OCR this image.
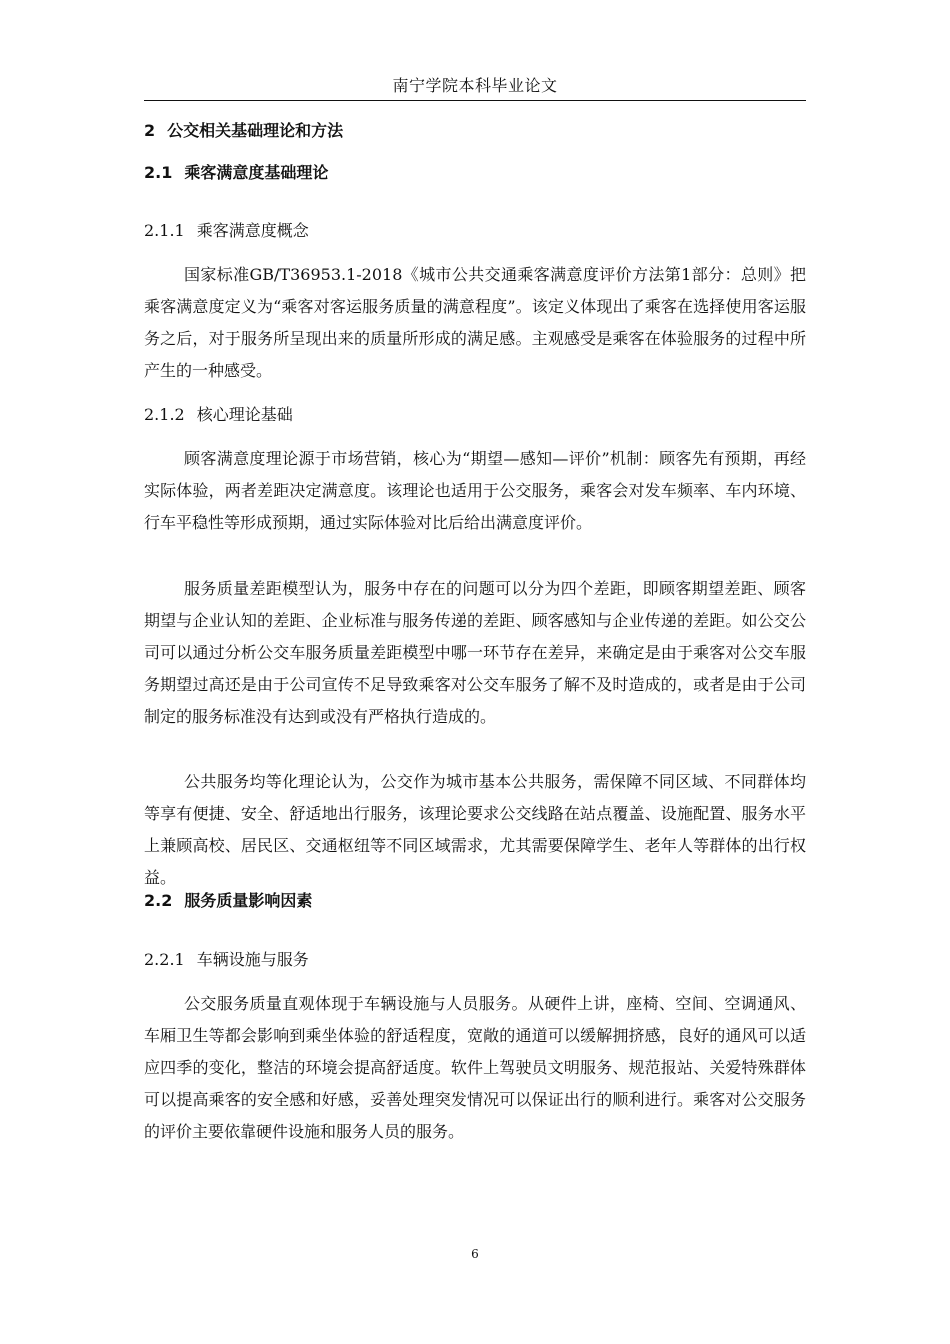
南宁学院本科毕业论文
2 公交相关基础理论和方法
2.1 乘客满意度基础理论
2.1.1 乘客满意度概念

国家标准GB/T36953.1-2018《城市公共交通乘客满意度评价方法第1部分：总则》把乘客满意度定义为“乘客对客运服务质量的满意程度”。该定义体现出了乘客在选择使用客运服务之后，对于服务所呈现出来的质量所形成的满足感。主观感受是乘客在体验服务的过程中所产生的一种感受。

2.1.2 核心理论基础

顾客满意度理论源于市场营销，核心为“期望—感知—评价”机制：顾客先有预期，再经实际体验，两者差距决定满意度。该理论也适用于公交服务，乘客会对发车频率、车内环境、行车平稳性等形成预期，通过实际体验对比后给出满意度评价。

服务质量差距模型认为，服务中存在的问题可以分为四个差距，即顾客期望差距、顾客期望与企业认知的差距、企业标准与服务传递的差距、顾客感知与企业传递的差距。如公交公司可以通过分析公交车服务质量差距模型中哪一环节存在差异，来确定是由于乘客对公交车服务期望过高还是由于公司宣传不足导致乘客对公交车服务了解不及时造成的，或者是由于公司制定的服务标准没有达到或没有严格执行造成的。

公共服务均等化理论认为，公交作为城市基本公共服务，需保障不同区域、不同群体均等享有便捷、安全、舒适地出行服务，该理论要求公交线路在站点覆盖、设施配置、服务水平上兼顾高校、居民区、交通枢纽等不同区域需求，尤其需要保障学生、老年人等群体的出行权益。

2.2 服务质量影响因素
2.2.1 车辆设施与服务

公交服务质量直观体现于车辆设施与人员服务。从硬件上讲，座椅、空间、空调通风、车厢卫生等都会影响到乘坐体验的舒适程度，宽敞的通道可以缓解拥挤感，良好的通风可以适应四季的变化，整洁的环境会提高舒适度。软件上驾驶员文明服务、规范报站、关爱特殊群体可以提高乘客的安全感和好感，妥善处理突发情况可以保证出行的顺利进行。乘客对公交服务的评价主要依靠硬件设施和服务人员的服务。

6
